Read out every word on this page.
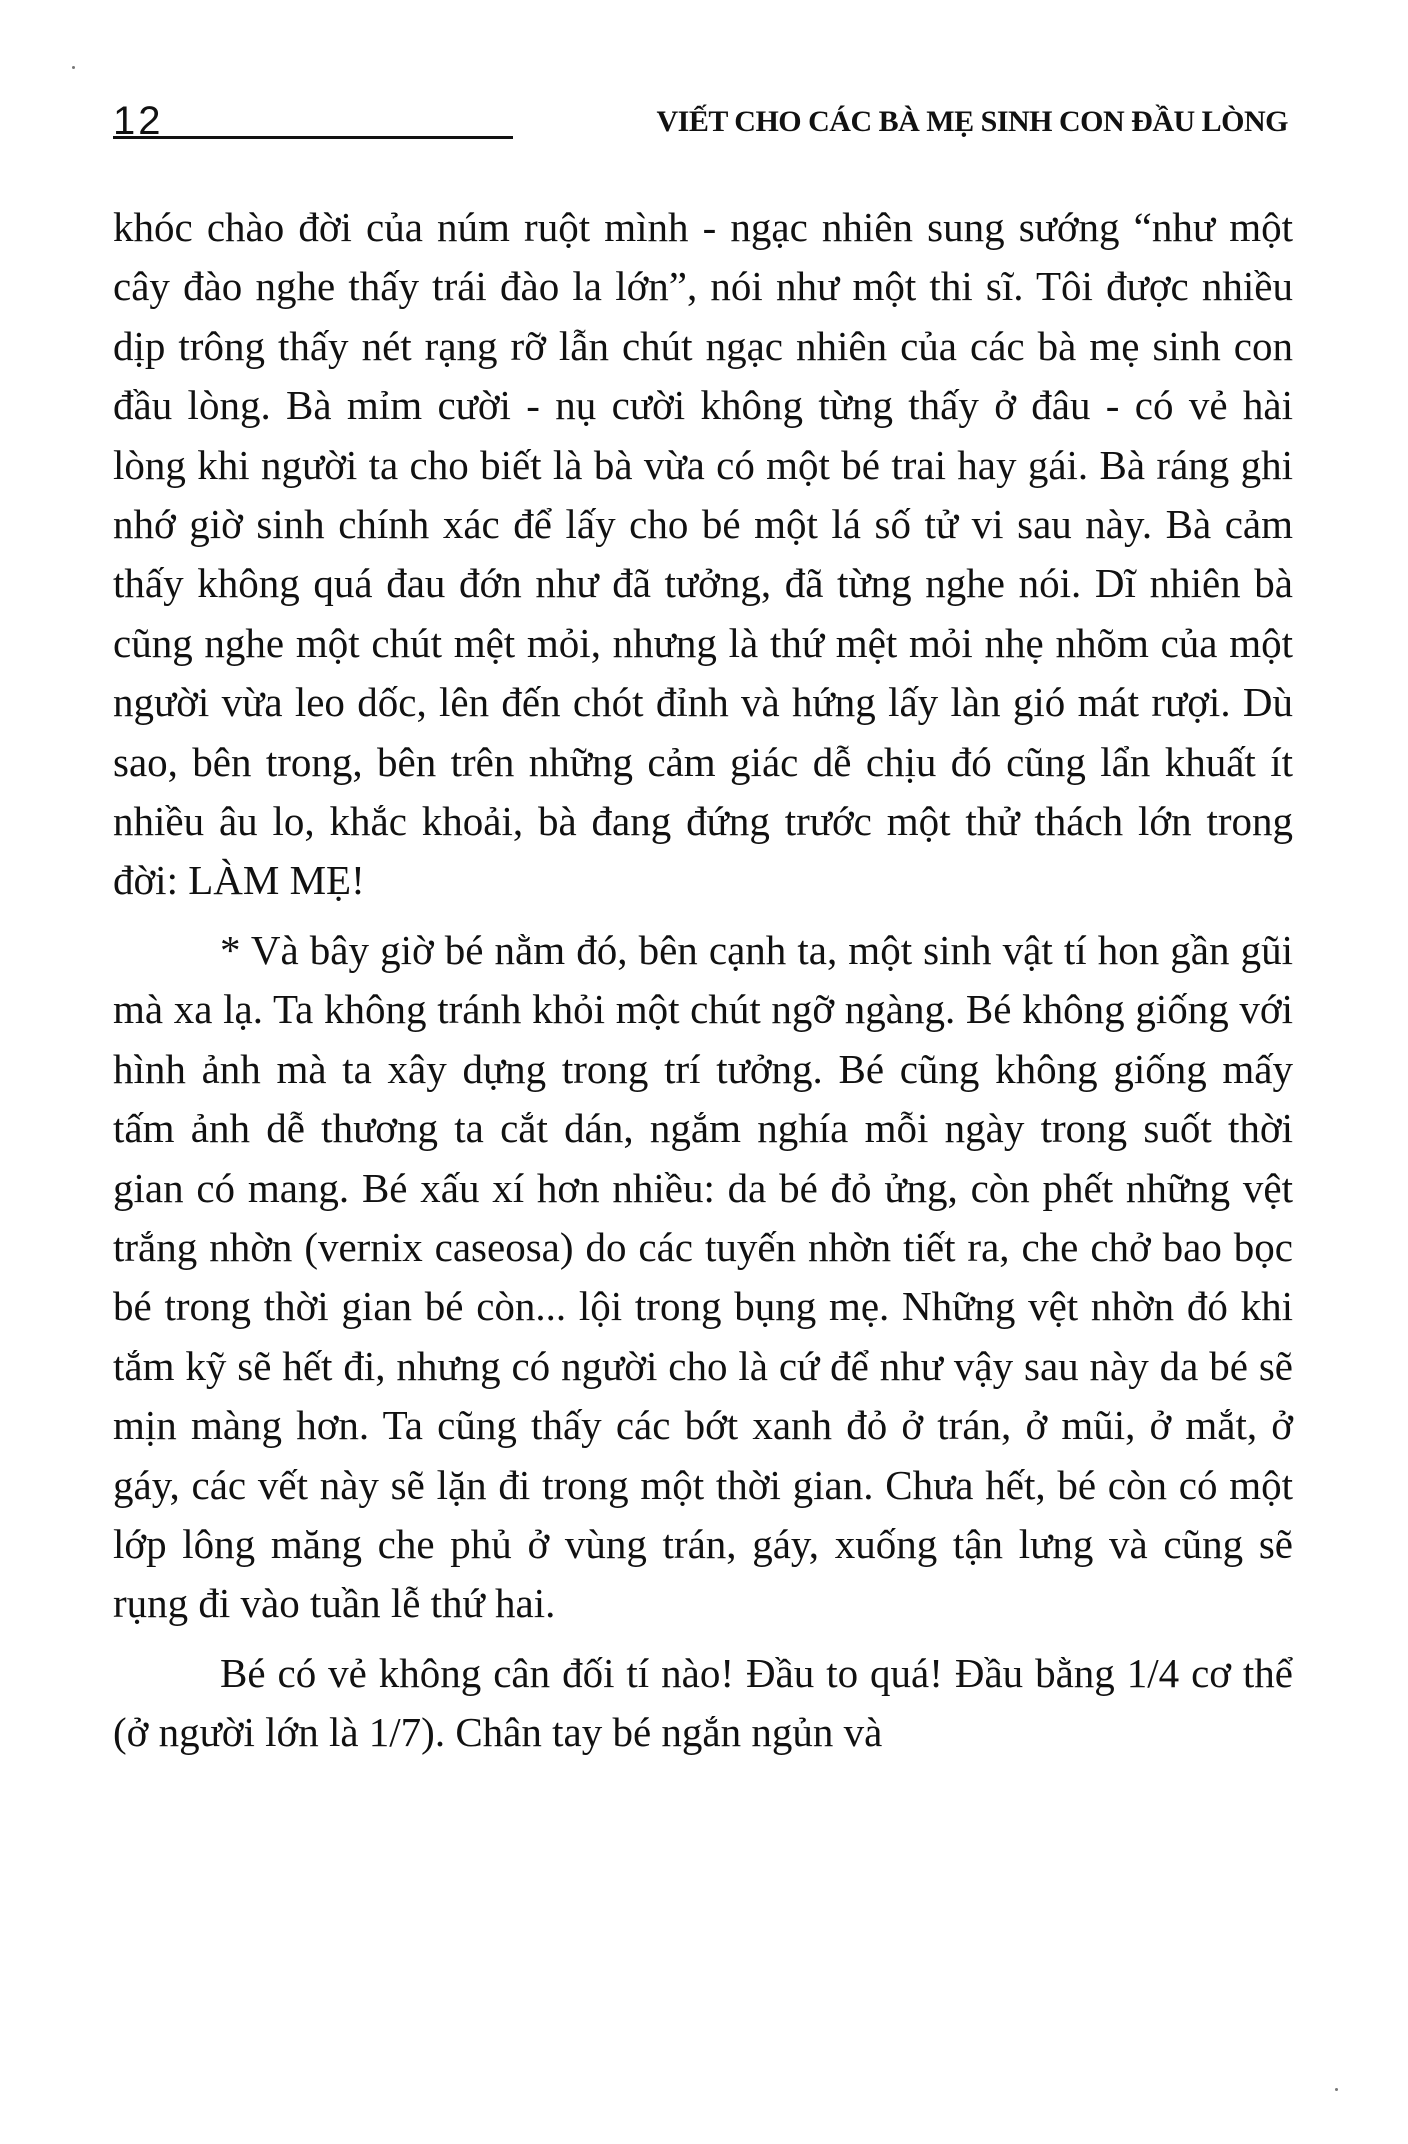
12	VIẾT CHO CÁC BÀ MẸ SINH CON ĐẦU LÒNG

khóc chào đời của núm ruột mình - ngạc nhiên sung sướng “như một cây đào nghe thấy trái đào la lớn”, nói như một thi sĩ. Tôi được nhiều dịp trông thấy nét rạng rỡ lẫn chút ngạc nhiên của các bà mẹ sinh con đầu lòng. Bà mỉm cười - nụ cười không từng thấy ở đâu - có vẻ hài lòng khi người ta cho biết là bà vừa có một bé trai hay gái. Bà ráng ghi nhớ giờ sinh chính xác để lấy cho bé một lá số tử vi sau này. Bà cảm thấy không quá đau đớn như đã tưởng, đã từng nghe nói. Dĩ nhiên bà cũng nghe một chút mệt mỏi, nhưng là thứ mệt mỏi nhẹ nhõm của một người vừa leo dốc, lên đến chót đỉnh và hứng lấy làn gió mát rượi. Dù sao, bên trong, bên trên những cảm giác dễ chịu đó cũng lẩn khuất ít nhiều âu lo, khắc khoải, bà đang đứng trước một thử thách lớn trong đời: LÀM MẸ!

* Và bây giờ bé nằm đó, bên cạnh ta, một sinh vật tí hon gần gũi mà xa lạ. Ta không tránh khỏi một chút ngỡ ngàng. Bé không giống với hình ảnh mà ta xây dựng trong trí tưởng. Bé cũng không giống mấy tấm ảnh dễ thương ta cắt dán, ngắm nghía mỗi ngày trong suốt thời gian có mang. Bé xấu xí hơn nhiều: da bé đỏ ửng, còn phết những vệt trắng nhờn (vernix caseosa) do các tuyến nhờn tiết ra, che chở bao bọc bé trong thời gian bé còn... lội trong bụng mẹ. Những vệt nhờn đó khi tắm kỹ sẽ hết đi, nhưng có người cho là cứ để như vậy sau này da bé sẽ mịn màng hơn. Ta cũng thấy các bớt xanh đỏ ở trán, ở mũi, ở mắt, ở gáy, các vết này sẽ lặn đi trong một thời gian. Chưa hết, bé còn có một lớp lông măng che phủ ở vùng trán, gáy, xuống tận lưng và cũng sẽ rụng đi vào tuần lễ thứ hai.

Bé có vẻ không cân đối tí nào! Đầu to quá! Đầu bằng 1/4 cơ thể (ở người lớn là 1/7). Chân tay bé ngắn ngủn và
